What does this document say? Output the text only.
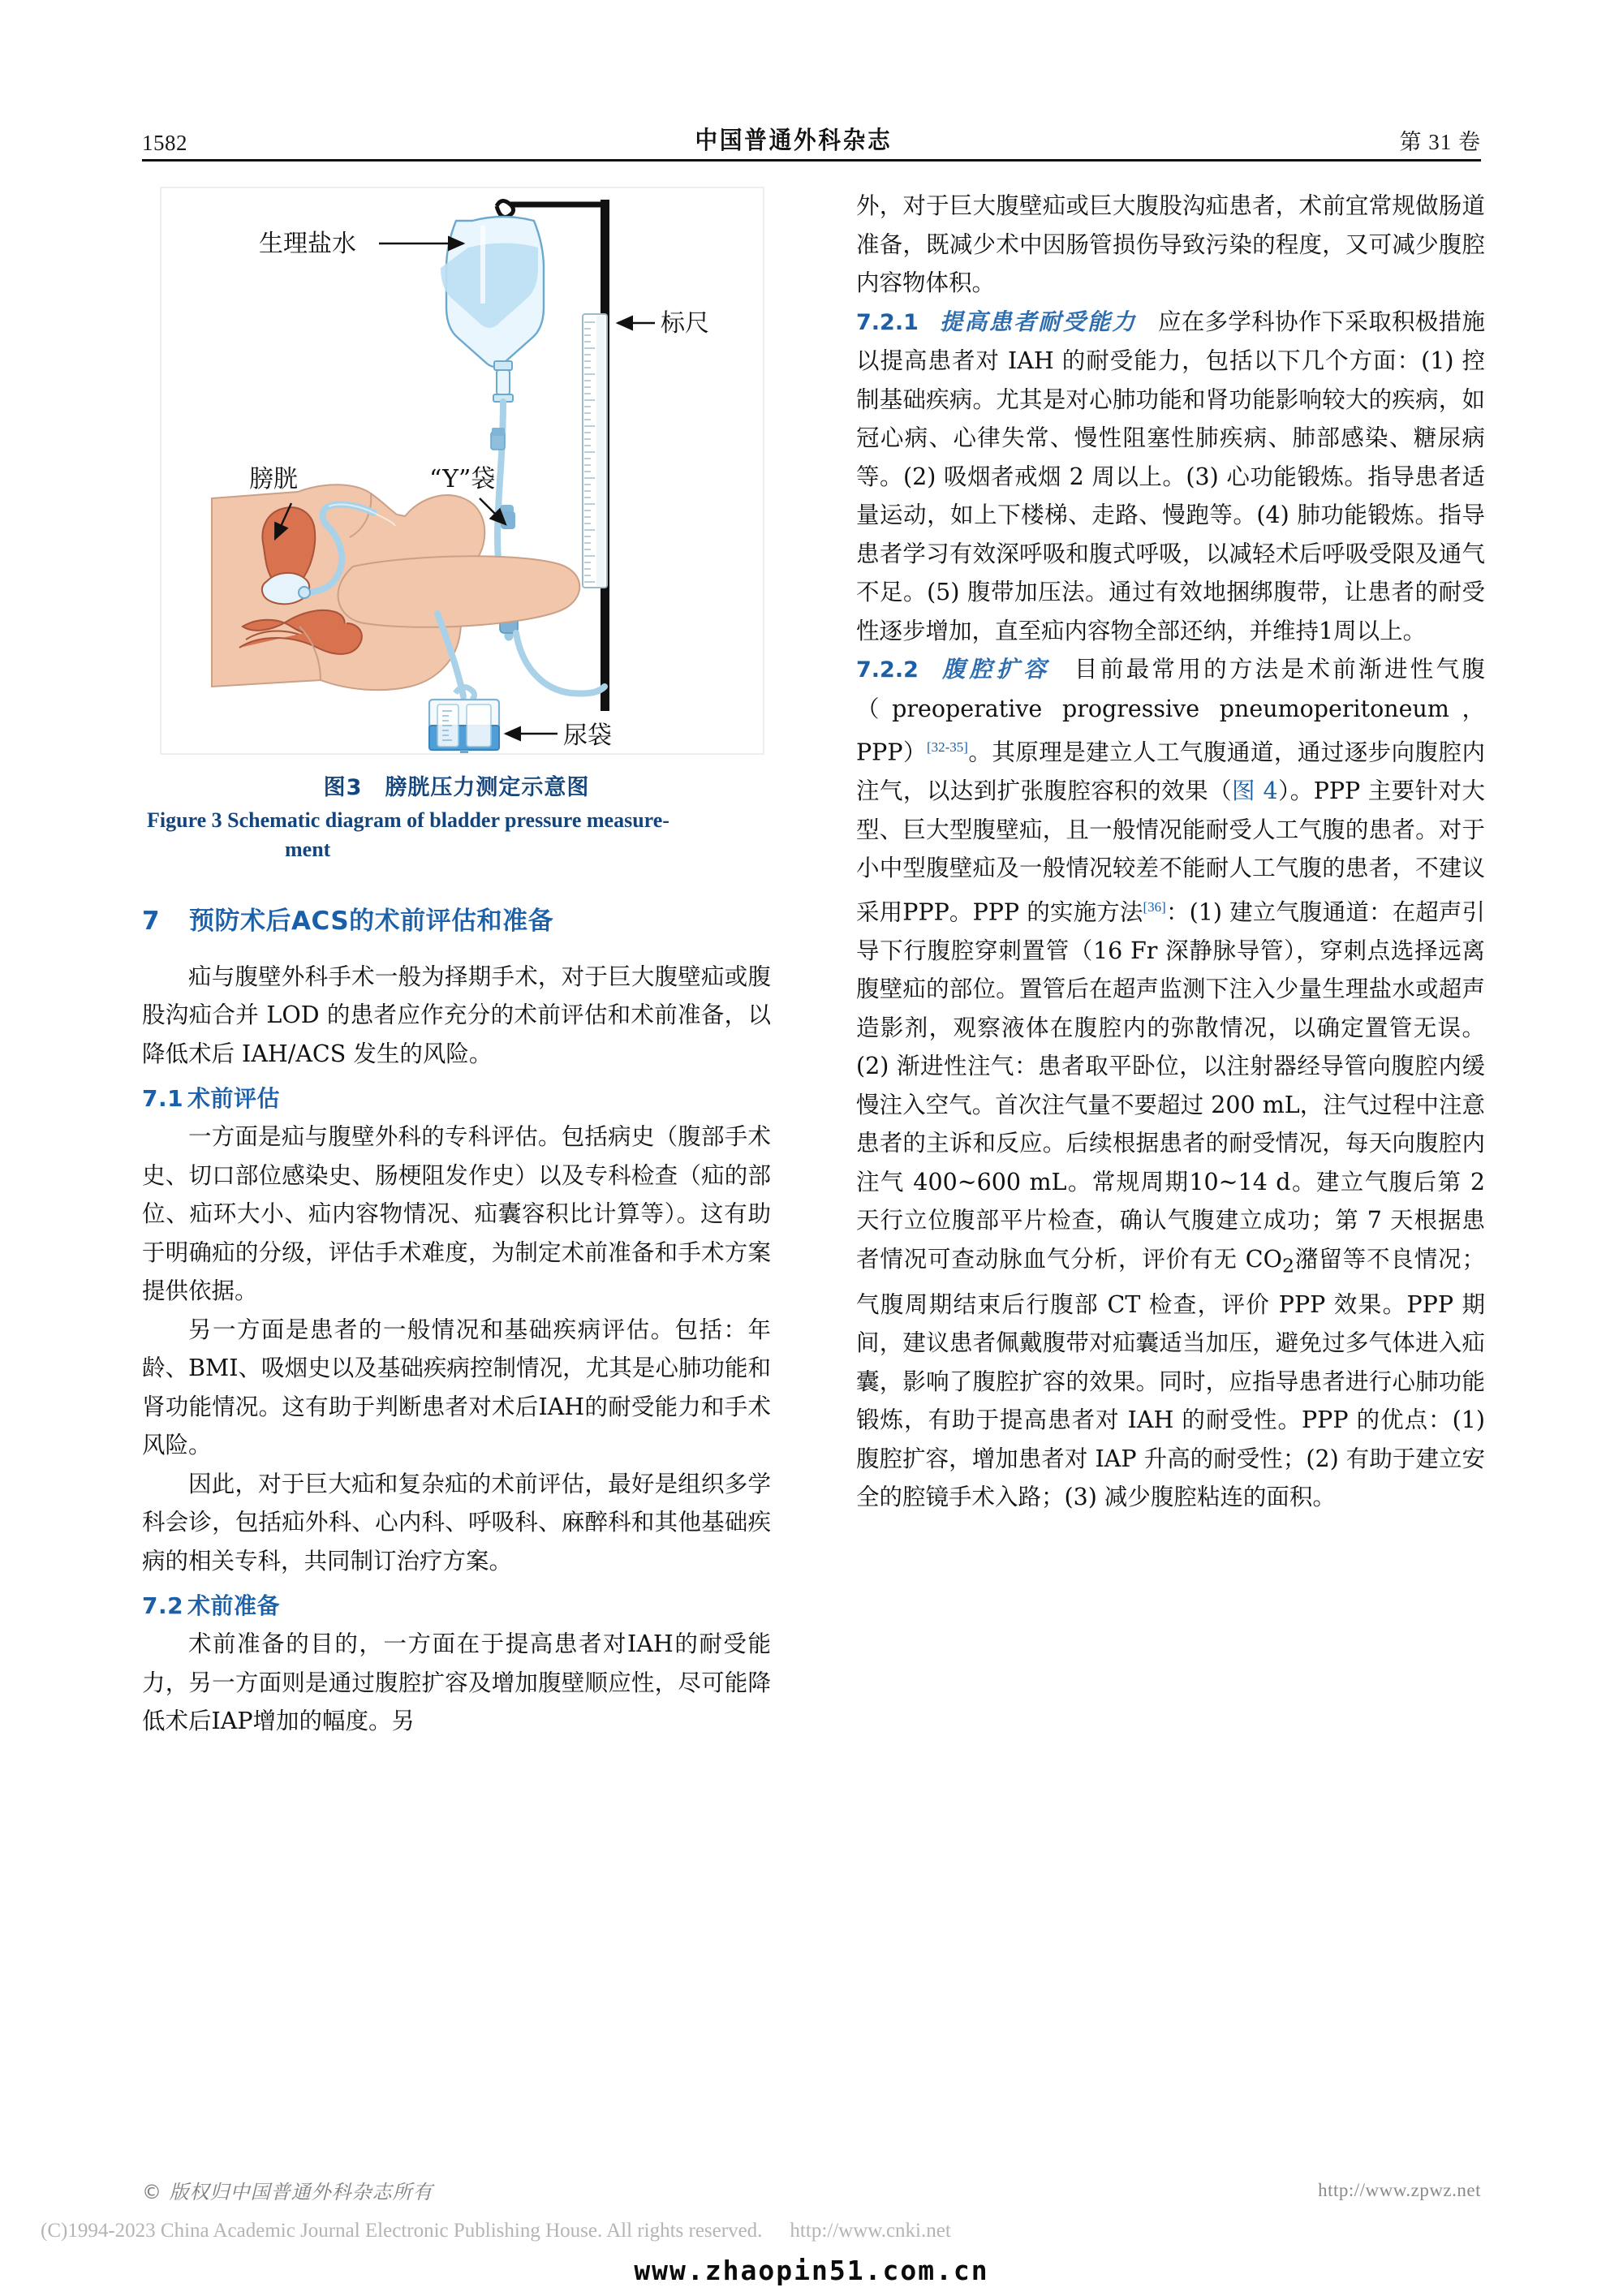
1582	中国普通外科杂志	第 31 卷
生理盐水
标尺
膀胱	“Y”袋
尿袋
图3　膀胱压力测定示意图
Figure 3 Schematic diagram of bladder pressure measure-
ment
7 预防术后ACS的术前评估和准备

疝与腹壁外科手术一般为择期手术，对于巨大腹壁疝或腹股沟疝合并 LOD 的患者应作充分的术前评估和术前准备，以降低术后 IAH/ACS 发生的风险。

7.1 术前评估

一方面是疝与腹壁外科的专科评估。包括病史（腹部手术史、切口部位感染史、肠梗阻发作史）以及专科检查（疝的部位、疝环大小、疝内容物情况、疝囊容积比计算等）。这有助于明确疝的分级，评估手术难度，为制定术前准备和手术方案提供依据。

另一方面是患者的一般情况和基础疾病评估。包括：年龄、BMI、吸烟史以及基础疾病控制情况，尤其是心肺功能和肾功能情况。这有助于判断患者对术后IAH的耐受能力和手术风险。

因此，对于巨大疝和复杂疝的术前评估，最好是组织多学科会诊，包括疝外科、心内科、呼吸科、麻醉科和其他基础疾病的相关专科，共同制订治疗方案。

7.2 术前准备

术前准备的目的，一方面在于提高患者对IAH的耐受能力，另一方面则是通过腹腔扩容及增加腹壁顺应性，尽可能降低术后IAP增加的幅度。另

外，对于巨大腹壁疝或巨大腹股沟疝患者，术前宜常规做肠道准备，既减少术中因肠管损伤导致污染的程度，又可减少腹腔内容物体积。

7.2.1 提高患者耐受能力 应在多学科协作下采取积极措施以提高患者对 IAH 的耐受能力，包括以下几个方面：(1) 控制基础疾病。尤其是对心肺功能和肾功能影响较大的疾病，如冠心病、心律失常、慢性阻塞性肺疾病、肺部感染、糖尿病等。(2) 吸烟者戒烟 2 周以上。(3) 心功能锻炼。指导患者适量运动，如上下楼梯、走路、慢跑等。(4) 肺功能锻炼。指导患者学习有效深呼吸和腹式呼吸，以减轻术后呼吸受限及通气不足。(5) 腹带加压法。通过有效地捆绑腹带，让患者的耐受性逐步增加，直至疝内容物全部还纳，并维持1周以上。

7.2.2 腹腔扩容 目前最常用的方法是术前渐进性气腹（preoperative progressive pneumoperitoneum，PPP）[32-35]。其原理是建立人工气腹通道，通过逐步向腹腔内注气，以达到扩张腹腔容积的效果（图 4）。PPP 主要针对大型、巨大型腹壁疝，且一般情况能耐受人工气腹的患者。对于小中型腹壁疝及一般情况较差不能耐人工气腹的患者，不建议采用PPP。PPP 的实施方法[36]：(1) 建立气腹通道：在超声引导下行腹腔穿刺置管（16 Fr 深静脉导管），穿刺点选择远离腹壁疝的部位。置管后在超声监测下注入少量生理盐水或超声造影剂，观察液体在腹腔内的弥散情况，以确定置管无误。(2) 渐进性注气：患者取平卧位，以注射器经导管向腹腔内缓慢注入空气。首次注气量不要超过 200 mL，注气过程中注意患者的主诉和反应。后续根据患者的耐受情况，每天向腹腔内注气 400~600 mL。常规周期10~14 d。建立气腹后第 2 天行立位腹部平片检查，确认气腹建立成功；第 7 天根据患者情况可查动脉血气分析，评价有无 $CO_2$潴留等不良情况；气腹周期结束后行腹部 CT 检查，评价 PPP 效果。PPP 期间，建议患者佩戴腹带对疝囊适当加压，避免过多气体进入疝囊，影响了腹腔扩容的效果。同时，应指导患者进行心肺功能锻炼，有助于提高患者对 IAH 的耐受性。PPP 的优点：(1) 腹腔扩容，增加患者对 IAP 升高的耐受性；(2) 有助于建立安全的腔镜手术入路；(3) 减少腹腔粘连的面积。

© 版权归中国普通外科杂志所有	http://www.zpwz.net
(C)1994-2023 China Academic Journal Electronic Publishing House. All rights reserved. http://www.cnki.net
www.zhaopin51.com.cn
